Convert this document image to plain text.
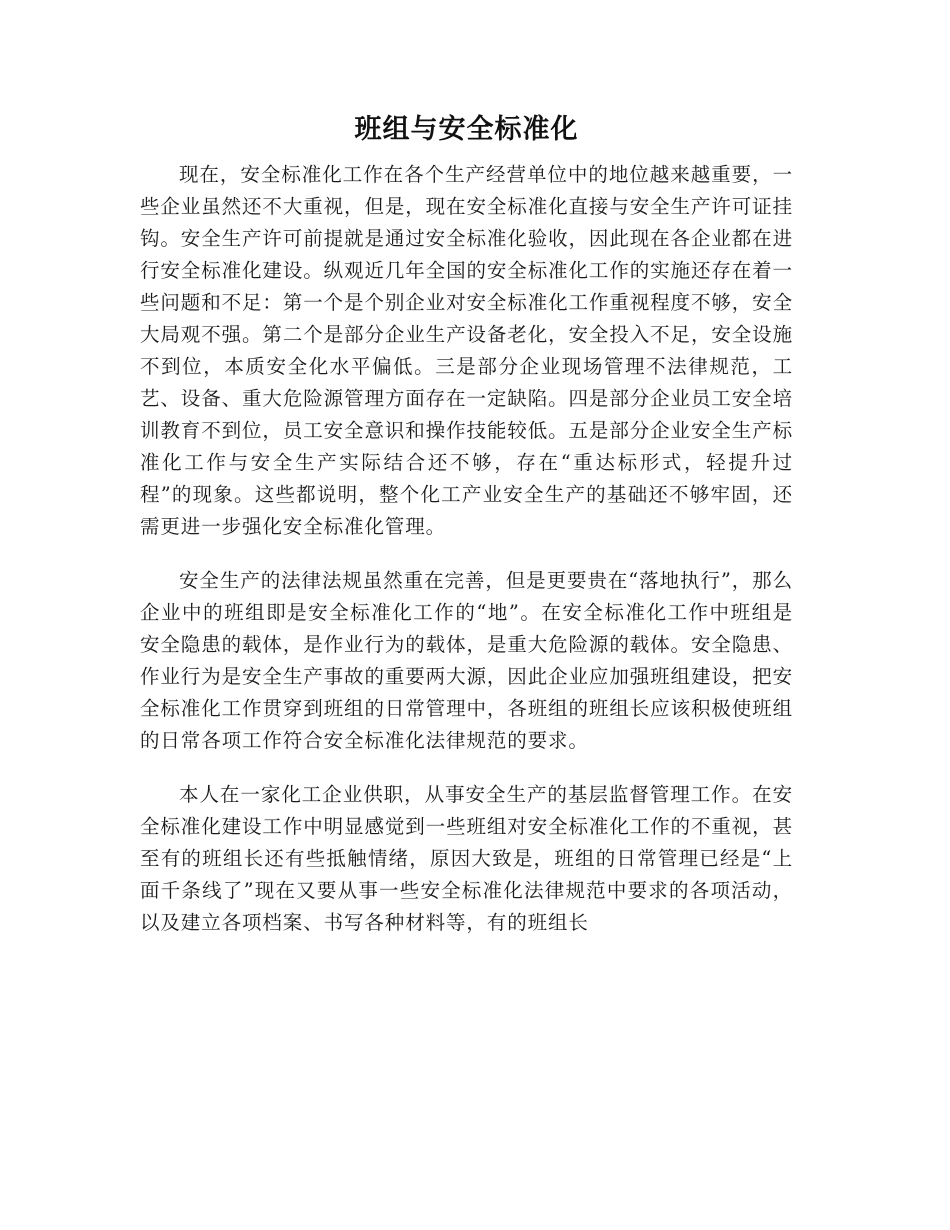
班组与安全标准化

现在，安全标准化工作在各个生产经营单位中的地位越来越重要，一些企业虽然还不大重视，但是，现在安全标准化直接与安全生产许可证挂钩。安全生产许可前提就是通过安全标准化验收，因此现在各企业都在进行安全标准化建设。纵观近几年全国的安全标准化工作的实施还存在着一些问题和不足：第一个是个别企业对安全标准化工作重视程度不够，安全大局观不强。第二个是部分企业生产设备老化，安全投入不足，安全设施不到位，本质安全化水平偏低。三是部分企业现场管理不法律规范，工艺、设备、重大危险源管理方面存在一定缺陷。四是部分企业员工安全培训教育不到位，员工安全意识和操作技能较低。五是部分企业安全生产标准化工作与安全生产实际结合还不够，存在“重达标形式，轻提升过程”的现象。这些都说明，整个化工产业安全生产的基础还不够牢固，还需更进一步强化安全标准化管理。

安全生产的法律法规虽然重在完善，但是更要贵在“落地执行”，那么企业中的班组即是安全标准化工作的“地”。在安全标准化工作中班组是安全隐患的载体，是作业行为的载体，是重大危险源的载体。安全隐患、作业行为是安全生产事故的重要两大源，因此企业应加强班组建设，把安全标准化工作贯穿到班组的日常管理中，各班组的班组长应该积极使班组的日常各项工作符合安全标准化法律规范的要求。

本人在一家化工企业供职，从事安全生产的基层监督管理工作。在安全标准化建设工作中明显感觉到一些班组对安全标准化工作的不重视，甚至有的班组长还有些抵触情绪，原因大致是，班组的日常管理已经是“上面千条线了”现在又要从事一些安全标准化法律规范中要求的各项活动，以及建立各项档案、书写各种材料等，有的班组长
